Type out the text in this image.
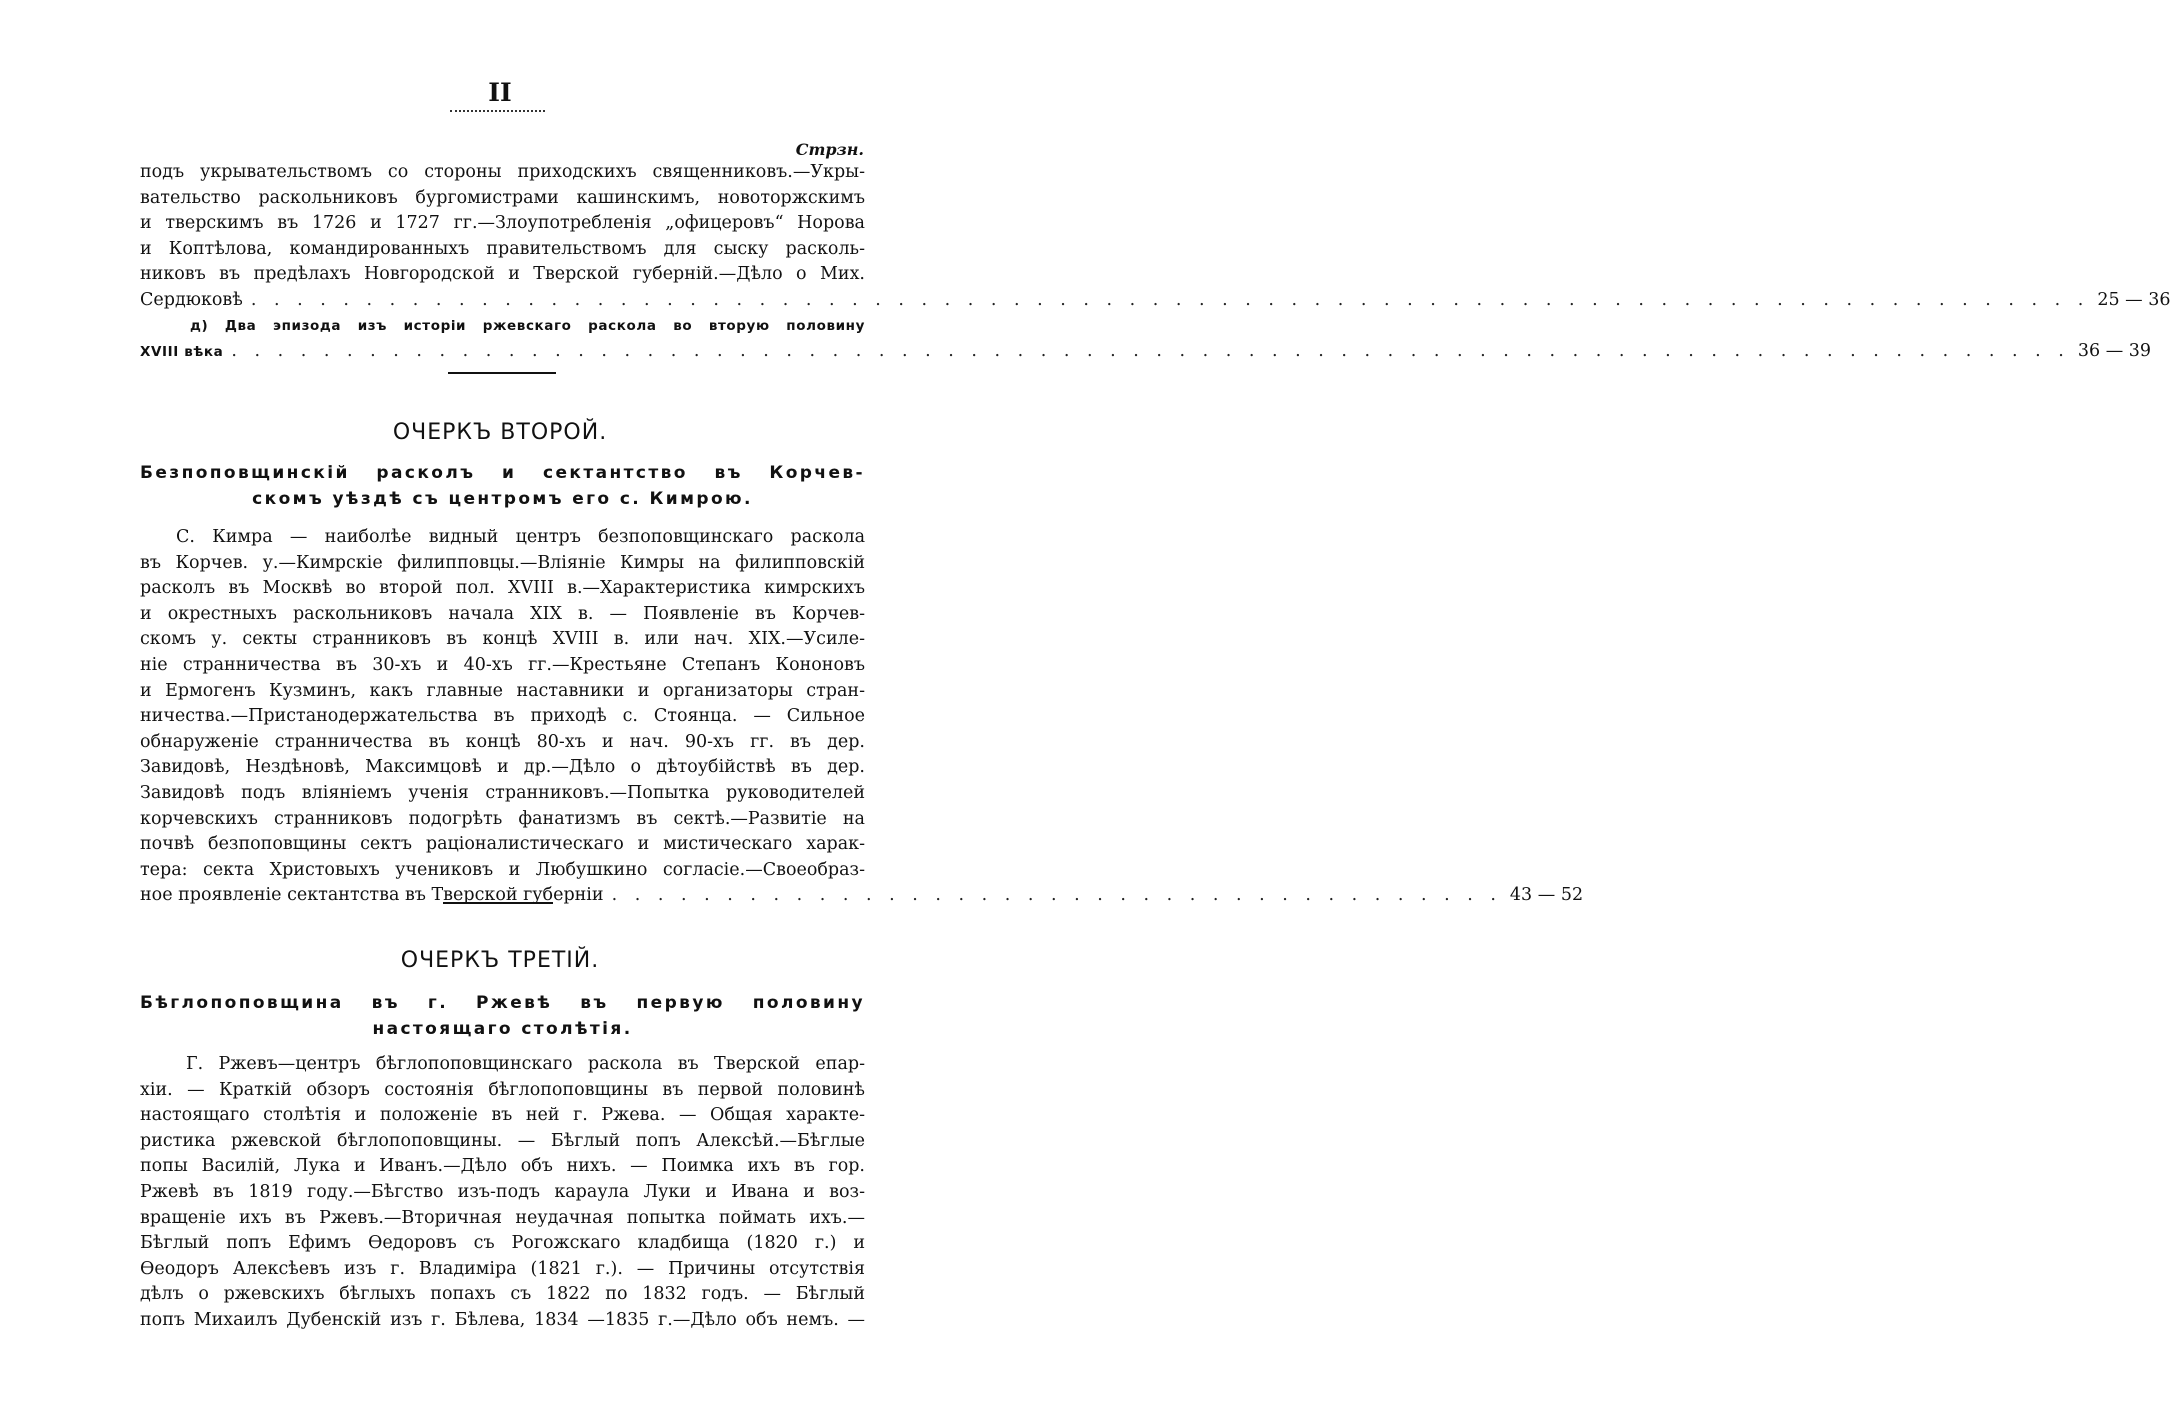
II
Стрзн.
подъ укрывательствомъ со стороны приходскихъ священниковъ.—Укры-
вательство раскольниковъ бургомистрами кашинскимъ, новоторжскимъ
и тверскимъ въ 1726 и 1727 гг.—Злоупотребленія „офицеровъ“ Норова
и Коптѣлова, командированныхъ правительствомъ для сыску расколь-
никовъ въ предѣлахъ Новгородской и Тверской губерній.—Дѣло о Мих.
Сердюковѣ . . . . . . . . . . . . . . . . . . . . . . . . . . . . . . . . . . . . . . . . . . . . . . . . . . . . . . . . . . . . . . . . . . . . . . . . . . . . . . . . 25 — 36
д) Два эпизода изъ исторіи ржевскаго раскола во вторую половину
XVIII вѣка . . . . . . . . . . . . . . . . . . . . . . . . . . . . . . . . . . . . . . . . . . . . . . . . . . . . . . . . . . . . . . . . . . . . . . . . . . . . . . . . 36 — 39
ОЧЕРКЪ ВТОРОЙ.
Безпоповщинскій расколъ и сектантство въ Корчев-
скомъ уѣздѣ съ центромъ его с. Кимрою.
С. Кимра — наиболѣе видный центръ безпоповщинскаго раскола
въ Корчев. у.—Кимрскіе филипповцы.—Вліяніе Кимры на филипповскій
расколъ въ Москвѣ во второй пол. XVIII в.—Характеристика кимрскихъ
и окрестныхъ раскольниковъ начала XIX в. — Появленіе въ Корчев-
скомъ у. секты странниковъ въ концѣ XVIII в. или нач. XIX.—Усиле-
ніе странничества въ 30-хъ и 40-хъ гг.—Крестьяне Степанъ Кононовъ
и Ермогенъ Кузминъ, какъ главные наставники и организаторы стран-
ничества.—Пристанодержательства въ приходѣ с. Стоянца. — Сильное
обнаруженіе странничества въ концѣ 80-хъ и нач. 90-хъ гг. въ дер.
Завидовѣ, Нездѣновѣ, Максимцовѣ и др.—Дѣло о дѣтоубійствѣ въ дер.
Завидовѣ подъ вліяніемъ ученія странниковъ.—Попытка руководителей
корчевскихъ странниковъ подогрѣть фанатизмъ въ сектѣ.—Развитіе на
почвѣ безпоповщины сектъ раціоналистическаго и мистическаго харак-
тера: секта Христовыхъ учениковъ и Любушкино согласіе.—Своеобраз-
ное проявленіе сектантства въ Тверской губерніи . . . . . . . . . . . . . . . . . . . . . . . . . . . . . . . . . . . . . . . 43 — 52
ОЧЕРКЪ ТРЕТІЙ.
Бѣглопоповщина въ г. Ржевѣ въ первую половину
настоящаго столѣтія.
Г. Ржевъ—центръ бѣглопоповщинскаго раскола въ Тверской епар-
хіи. — Краткій обзоръ состоянія бѣглопоповщины въ первой половинѣ
настоящаго столѣтія и положеніе въ ней г. Ржева. — Общая характе-
ристика ржевской бѣглопоповщины. — Бѣглый попъ Алексѣй.—Бѣглые
попы Василій, Лука и Иванъ.—Дѣло объ нихъ. — Поимка ихъ въ гор.
Ржевѣ въ 1819 году.—Бѣгство изъ-подъ караула Луки и Ивана и воз-
вращеніе ихъ въ Ржевъ.—Вторичная неудачная попытка поймать ихъ.—
Бѣглый попъ Ефимъ Ѳедоровъ съ Рогожскаго кладбища (1820 г.) и
Ѳеодоръ Алексѣевъ изъ г. Владиміра (1821 г.). — Причины отсутствія
дѣлъ о ржевскихъ бѣглыхъ попахъ съ 1822 по 1832 годъ. — Бѣглый
попъ Михаилъ Дубенскій изъ г. Бѣлева, 1834 —1835 г.—Дѣло объ немъ. —
